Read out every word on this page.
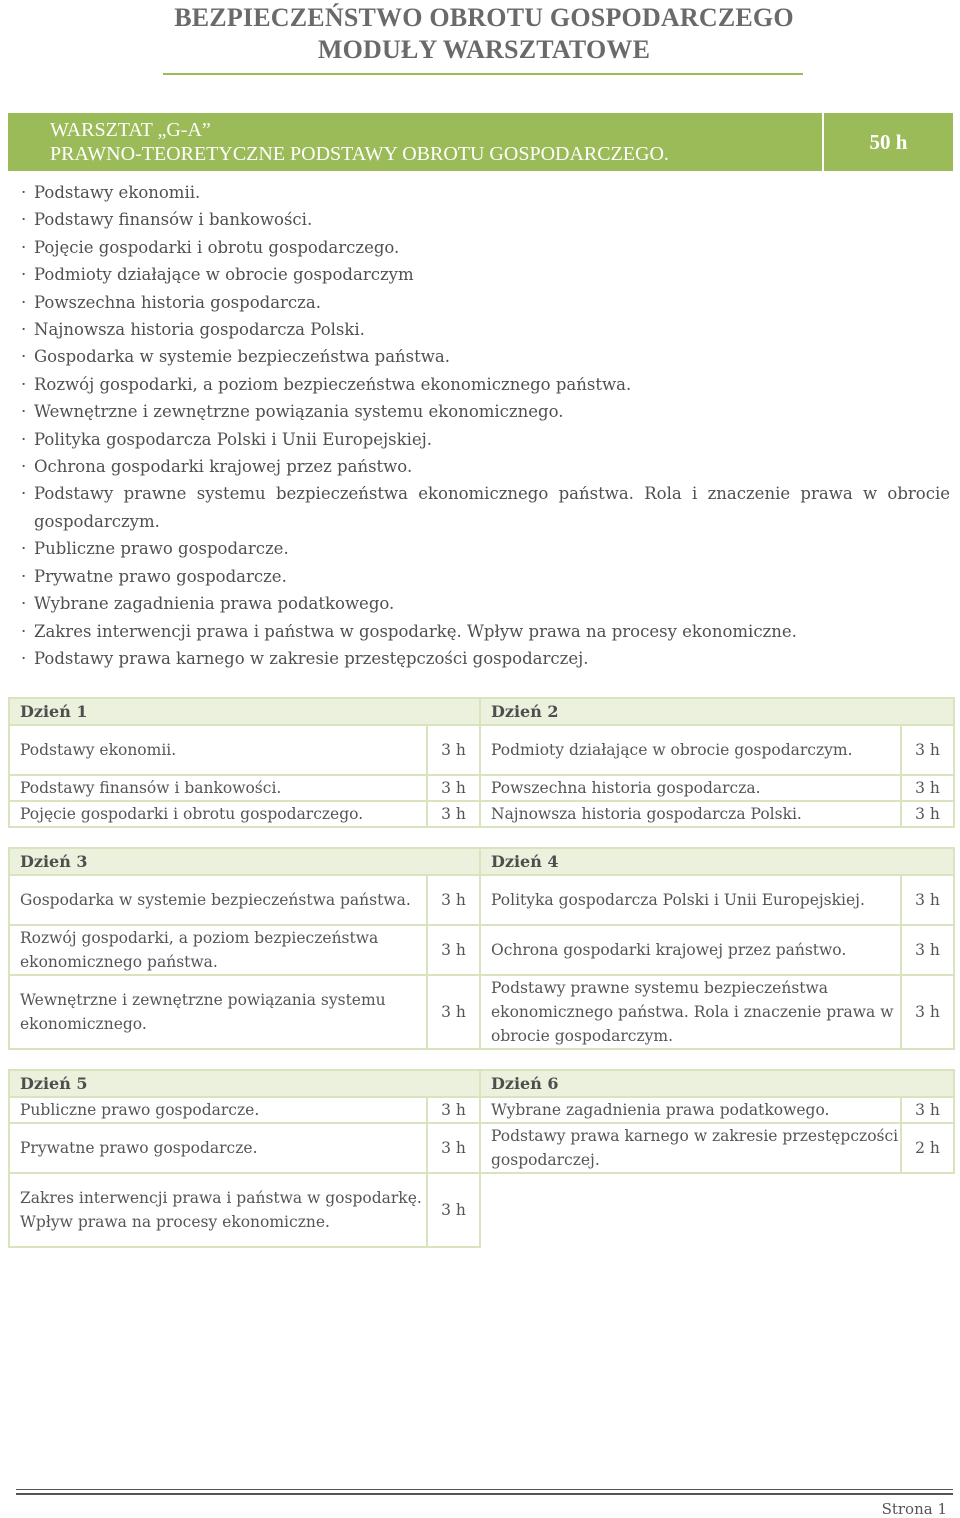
BEZPIECZEŃSTWO OBROTU GOSPODARCZEGO
MODUŁY WARSZTATOWE
WARSZTAT „G-A”
PRAWNO-TEORETYCZNE PODSTAWY OBROTU GOSPODARCZEGO.	50 h
· Podstawy ekonomii.
· Podstawy finansów i bankowości.
· Pojęcie gospodarki i obrotu gospodarczego.
· Podmioty działające w obrocie gospodarczym
· Powszechna historia gospodarcza.
· Najnowsza historia gospodarcza Polski.
· Gospodarka w systemie bezpieczeństwa państwa.
· Rozwój gospodarki, a poziom bezpieczeństwa ekonomicznego państwa.
· Wewnętrzne i zewnętrzne powiązania systemu ekonomicznego.
· Polityka gospodarcza Polski i Unii Europejskiej.
· Ochrona gospodarki krajowej przez państwo.
· Podstawy prawne systemu bezpieczeństwa ekonomicznego państwa. Rola i znaczenie prawa w obrocie gospodarczym.
· Publiczne prawo gospodarcze.
· Prywatne prawo gospodarcze.
· Wybrane zagadnienia prawa podatkowego.
· Zakres interwencji prawa i państwa w gospodarkę. Wpływ prawa na procesy ekonomiczne.
· Podstawy prawa karnego w zakresie przestępczości gospodarczej.
Dzień 1		Dzień 2	
Podstawy ekonomii.	3 h	Podmioty działające w obrocie gospodarczym.	3 h
Podstawy finansów i bankowości.	3 h	Powszechna historia gospodarcza.	3 h
Pojęcie gospodarki i obrotu gospodarczego.	3 h	Najnowsza historia gospodarcza Polski.	3 h
Dzień 3		Dzień 4	
Gospodarka w systemie bezpieczeństwa państwa.	3 h	Polityka gospodarcza Polski i Unii Europejskiej.	3 h
Rozwój gospodarki, a poziom bezpieczeństwa ekonomicznego państwa.	3 h	Ochrona gospodarki krajowej przez państwo.	3 h
Wewnętrzne i zewnętrzne powiązania systemu ekonomicznego.	3 h	Podstawy prawne systemu bezpieczeństwa ekonomicznego państwa. Rola i znaczenie prawa w obrocie gospodarczym.	3 h
Dzień 5		Dzień 6	
Publiczne prawo gospodarcze.	3 h	Wybrane zagadnienia prawa podatkowego.	3 h
Prywatne prawo gospodarcze.	3 h	Podstawy prawa karnego w zakresie przestępczości gospodarczej.	2 h
Zakres interwencji prawa i państwa w gospodarkę. Wpływ prawa na procesy ekonomiczne.	3 h		
Strona 1
